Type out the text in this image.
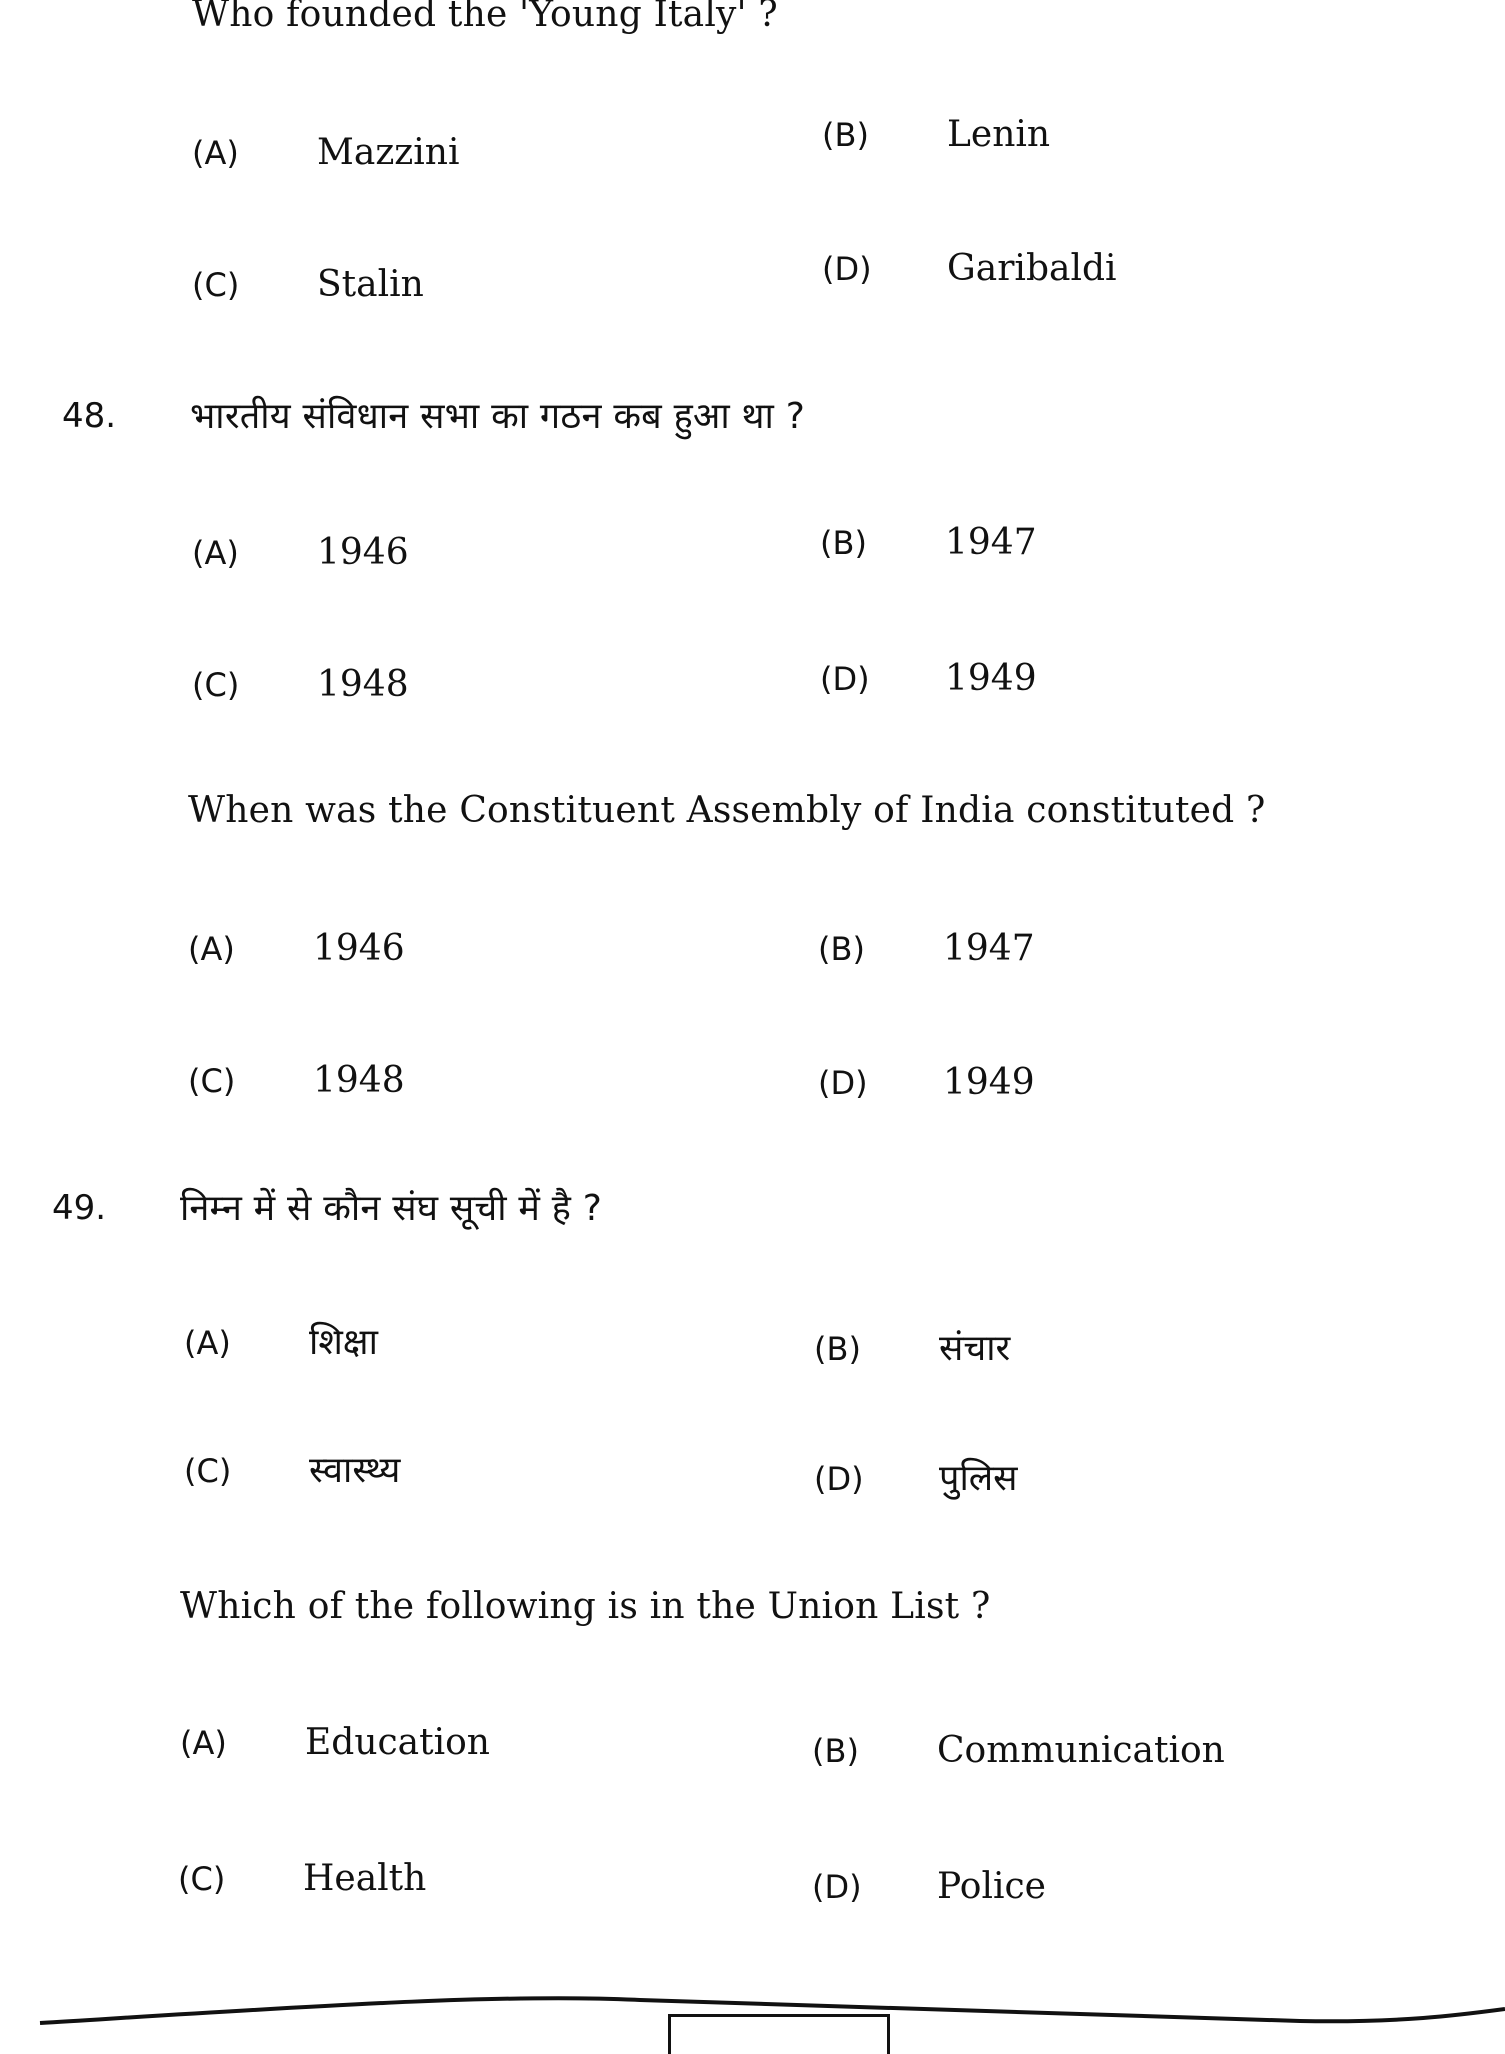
Who founded the 'Young Italy' ?
(A)	Mazzini	(B)	Lenin
(C)	Stalin	(D)	Garibaldi
48. भारतीय संविधान सभा का गठन कब हुआ था ?
(A)	1946	(B)	1947
(C)	1948	(D)	1949
When was the Constituent Assembly of India constituted ?
(A)	1946	(B)	1947
(C)	1948	(D)	1949
49. निम्न में से कौन संघ सूची में है ?
(A)	शिक्षा	(B)	संचार
(C)	स्वास्थ्य	(D)	पुलिस
Which of the following is in the Union List ?
(A)	Education	(B)	Communication
(C)	Health	(D)	Police
